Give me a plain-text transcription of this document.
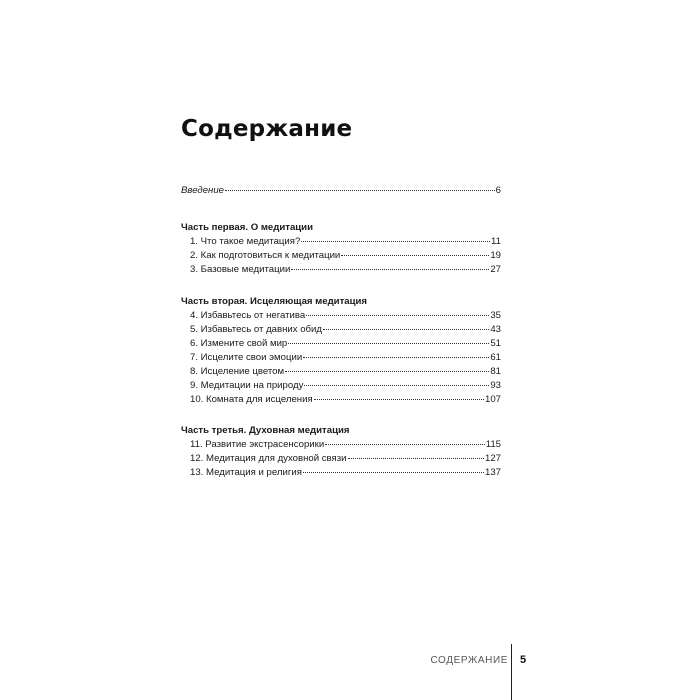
Содержание
Введение	6
Часть первая. О медитации
1. Что такое медитация?	11
2. Как подготовиться к медитации	19
3. Базовые медитации	27
Часть вторая. Исцеляющая медитация
4. Избавьтесь от негатива	35
5. Избавьтесь от давних обид	43
6. Измените свой мир	51
7. Исцелите свои эмоции	61
8. Исцеление цветом	81
9. Медитации на природу	93
10. Комната для исцеления	107
Часть третья. Духовная медитация
11. Развитие экстрасенсорики	115
12. Медитация для духовной связи	127
13. Медитация и религия	137
СОДЕРЖАНИЕ 5
